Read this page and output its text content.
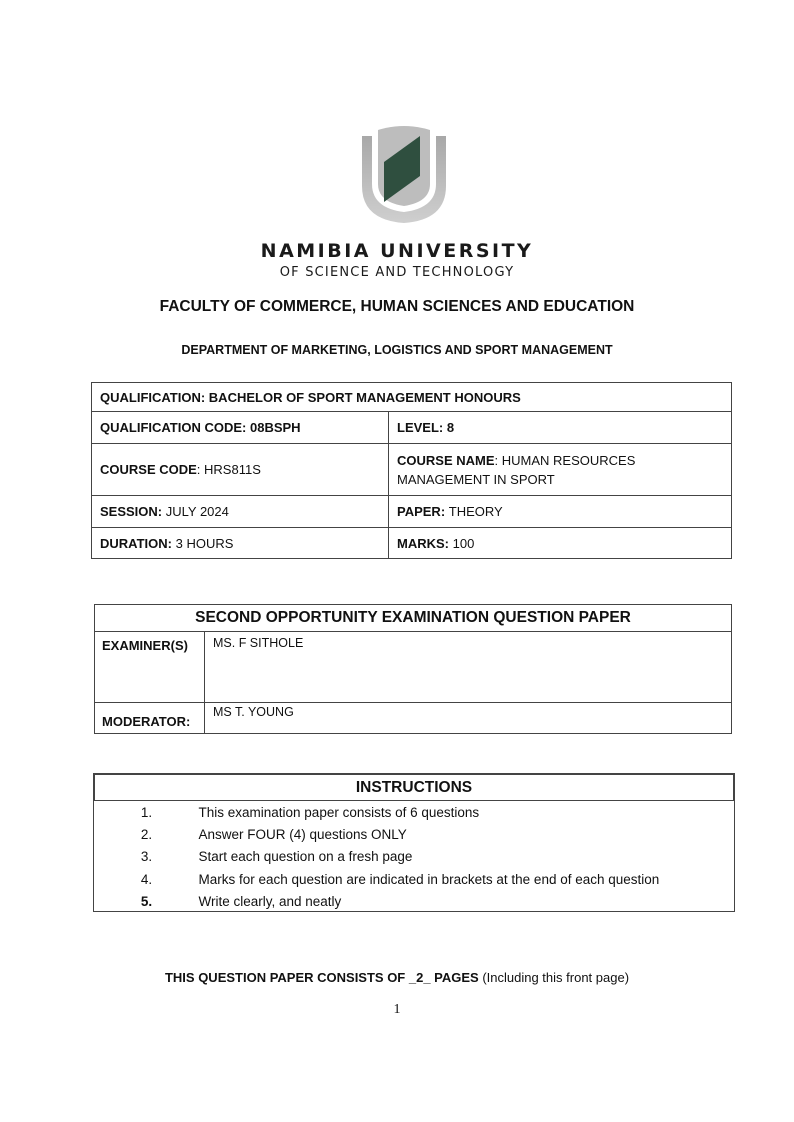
NAMIBIA UNIVERSITY
OF SCIENCE AND TECHNOLOGY
FACULTY OF COMMERCE, HUMAN SCIENCES AND EDUCATION
DEPARTMENT OF MARKETING, LOGISTICS AND SPORT MANAGEMENT
QUALIFICATION: BACHELOR OF SPORT MANAGEMENT HONOURS	
QUALIFICATION CODE: 08BSPH	LEVEL: 8
COURSE CODE: HRS811S	COURSE NAME: HUMAN RESOURCES MANAGEMENT IN SPORT
SESSION: JULY 2024	PAPER: THEORY
DURATION: 3 HOURS	MARKS: 100
SECOND OPPORTUNITY EXAMINATION QUESTION PAPER	
EXAMINER(S)	MS. F SITHOLE
MODERATOR:	MS T. YOUNG
INSTRUCTIONS	
1.	This examination paper consists of 6 questions
2.	Answer FOUR (4) questions ONLY
3.	Start each question on a fresh page
4.	Marks for each question are indicated in brackets at the end of each question
5.	Write clearly, and neatly
THIS QUESTION PAPER CONSISTS OF _2_ PAGES (Including this front page)
1
